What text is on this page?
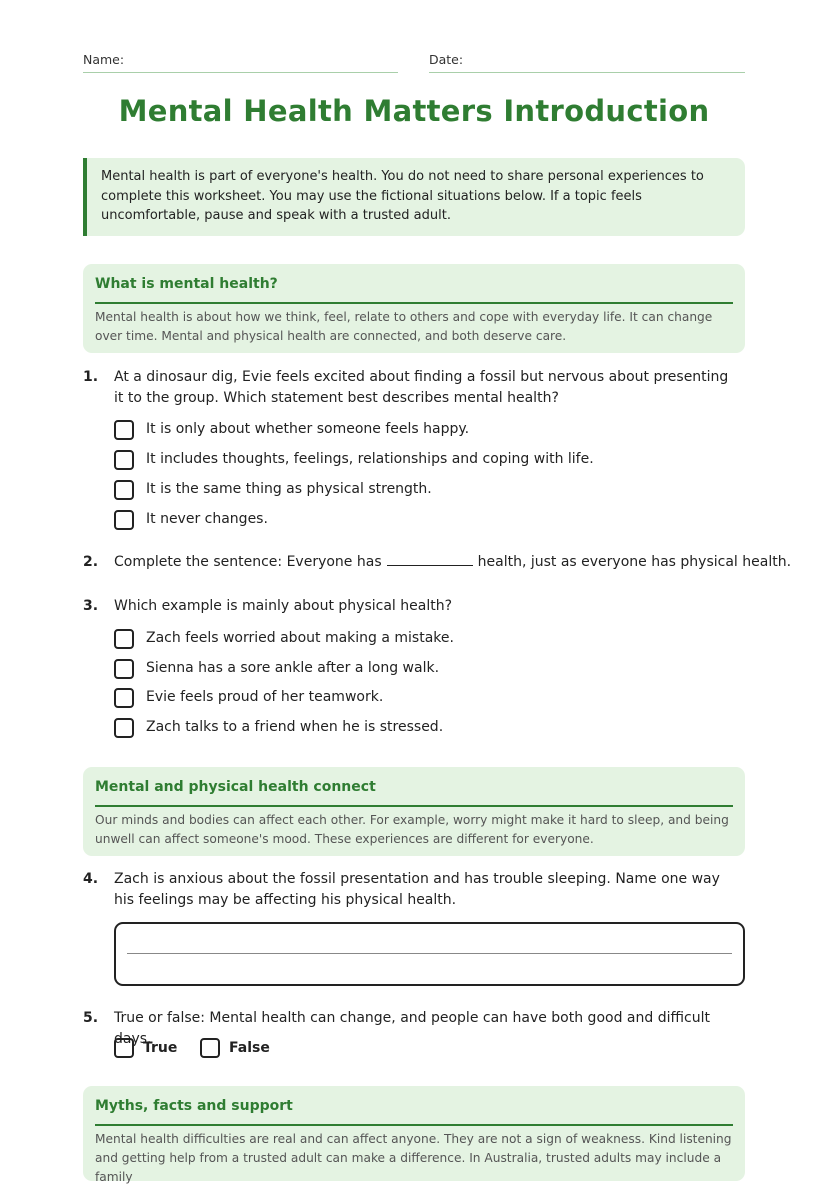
Name:	Date:
Mental Health Matters Introduction
Mental health is part of everyone's health. You do not need to share personal experiences to complete this worksheet. You may use the fictional situations below. If a topic feels uncomfortable, pause and speak with a trusted adult.
What is mental health?

Mental health is about how we think, feel, relate to others and cope with everyday life. It can change over time. Mental and physical health are connected, and both deserve care.

1. At a dinosaur dig, Evie feels excited about finding a fossil but nervous about presenting it to the group. Which statement best describes mental health?
It is only about whether someone feels happy.
It includes thoughts, feelings, relationships and coping with life.
It is the same thing as physical strength.
It never changes.
2. Complete the sentence: Everyone has	health, just as everyone has physical health.
3. Which example is mainly about physical health?
Zach feels worried about making a mistake.
Sienna has a sore ankle after a long walk.
Evie feels proud of her teamwork.
Zach talks to a friend when he is stressed.
Mental and physical health connect

Our minds and bodies can affect each other. For example, worry might make it hard to sleep, and being unwell can affect someone's mood. These experiences are different for everyone.

4. Zach is anxious about the fossil presentation and has trouble sleeping. Name one way his feelings may be affecting his physical health.
5. True or false: Mental health can change, and people can have both good and difficult days.
True	False
Myths, facts and support

Mental health difficulties are real and can affect anyone. They are not a sign of weakness. Kind listening and getting help from a trusted adult can make a difference. In Australia, trusted adults may include a family
